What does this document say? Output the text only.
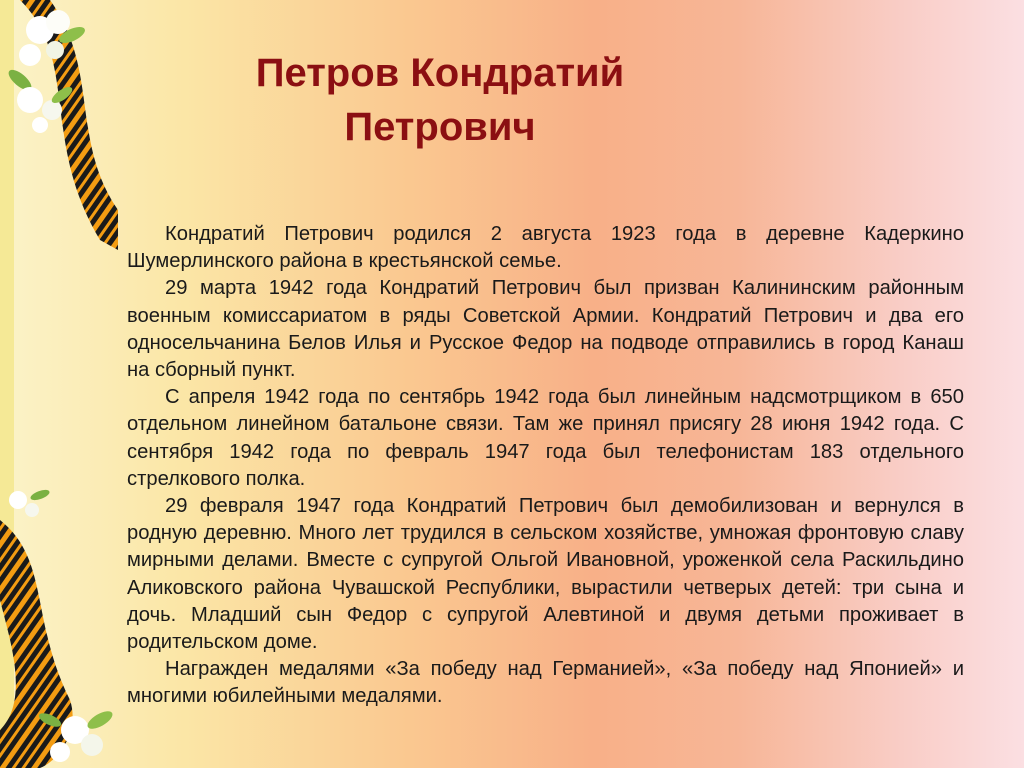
Петров Кондратий
Петрович

Кондратий Петрович родился 2 августа 1923 года в деревне Кадеркино Шумерлинского района в крестьянской семье.

29 марта 1942 года Кондратий Петрович был призван Калининским районным военным комиссариатом в ряды Советской Армии. Кондратий Петрович и два его односельчанина Белов Илья и Русское Федор на подводе отправились в город Канаш на сборный пункт.

С апреля 1942 года по сентябрь 1942 года был линейным надсмотрщиком в 650 отдельном линейном батальоне связи. Там же принял присягу 28 июня 1942 года. С сентября 1942 года по февраль 1947 года был телефонистам 183 отдельного стрелкового полка.

29 февраля 1947 года Кондратий Петрович был демобилизован и вернулся в родную деревню. Много лет трудился в сельском хозяйстве, умножая фронтовую славу мирными делами. Вместе с супругой Ольгой Ивановной, уроженкой села Раскильдино Аликовского района Чувашской Республики, вырастили четверых детей: три сына и дочь. Младший сын Федор с супругой Алевтиной и двумя детьми проживает в родительском доме.

Награжден медалями «За победу над Германией», «За победу над Японией» и многими юбилейными медалями.
